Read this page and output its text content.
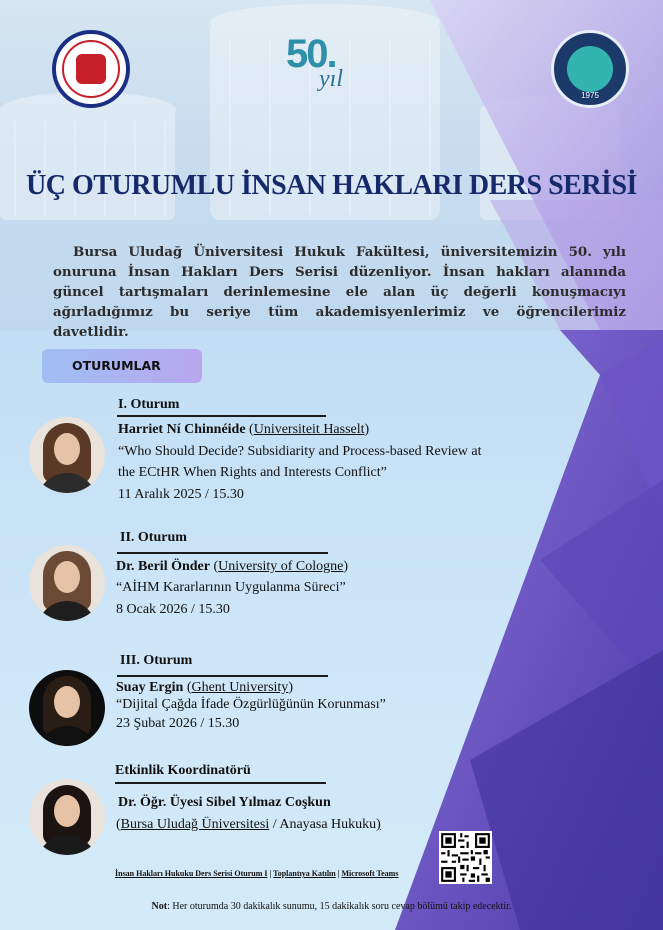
50.
yıl
1975
ÜÇ OTURUMLU İNSAN HAKLARI DERS SERİSİ
Bursa Uludağ Üniversitesi Hukuk Fakültesi, üniversitemizin 50. yılı onuruna İnsan Hakları Ders Serisi düzenliyor. İnsan hakları alanında güncel tartışmaları derinlemesine ele alan üç değerli konuşmacıyı ağırladığımız bu seriye tüm akademisyenlerimiz ve öğrencilerimiz davetlidir.
OTURUMLAR
I. Oturum
Harriet Ní Chinnéide (Universiteit Hasselt)
“Who Should Decide? Subsidiarity and Process-based Review at
the ECtHR When Rights and Interests Conflict”
11 Aralık 2025 / 15.30
II. Oturum
Dr. Beril Önder (University of Cologne)
“AİHM Kararlarının Uygulanma Süreci”
8 Ocak 2026 / 15.30
III. Oturum
Suay Ergin (Ghent University)
“Dijital Çağda İfade Özgürlüğünün Korunması”
23 Şubat 2026 / 15.30
Etkinlik Koordinatörü
Dr. Öğr. Üyesi Sibel Yılmaz Coşkun
(Bursa Uludağ Üniversitesi / Anayasa Hukuku)
İnsan Hakları Hukuku Ders Serisi Oturum I | Toplantıya Katılın | Microsoft Teams
Not: Her oturumda 30 dakikalık sunumu, 15 dakikalık soru cevap bölümü takip edecektir.
